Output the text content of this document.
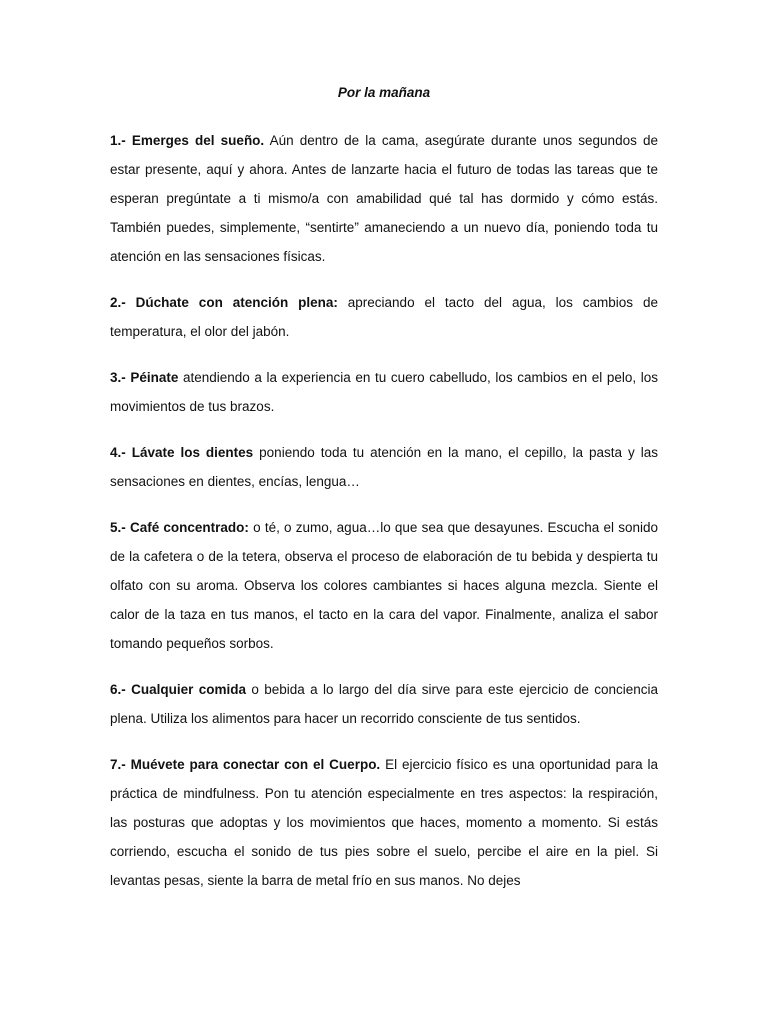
Por la mañana

1.- Emerges del sueño. Aún dentro de la cama, asegúrate durante unos segundos de estar presente, aquí y ahora. Antes de lanzarte hacia el futuro de todas las tareas que te esperan pregúntate a ti mismo/a con amabilidad qué tal has dormido y cómo estás. También puedes, simplemente, “sentirte” amaneciendo a un nuevo día, poniendo toda tu atención en las sensaciones físicas.

2.- Dúchate con atención plena: apreciando el tacto del agua, los cambios de temperatura, el olor del jabón.

3.- Péinate atendiendo a la experiencia en tu cuero cabelludo, los cambios en el pelo, los movimientos de tus brazos.

4.- Lávate los dientes poniendo toda tu atención en la mano, el cepillo, la pasta y las sensaciones en dientes, encías, lengua…

5.- Café concentrado: o té, o zumo, agua…lo que sea que desayunes. Escucha el sonido de la cafetera o de la tetera, observa el proceso de elaboración de tu bebida y despierta tu olfato con su aroma. Observa los colores cambiantes si haces alguna mezcla. Siente el calor de la taza en tus manos, el tacto en la cara del vapor. Finalmente, analiza el sabor tomando pequeños sorbos.

6.- Cualquier comida o bebida a lo largo del día sirve para este ejercicio de conciencia plena. Utiliza los alimentos para hacer un recorrido consciente de tus sentidos.

7.- Muévete para conectar con el Cuerpo. El ejercicio físico es una oportunidad para la práctica de mindfulness. Pon tu atención especialmente en tres aspectos: la respiración, las posturas que adoptas y los movimientos que haces, momento a momento. Si estás corriendo, escucha el sonido de tus pies sobre el suelo, percibe el aire en la piel. Si levantas pesas, siente la barra de metal frío en sus manos. No dejes
